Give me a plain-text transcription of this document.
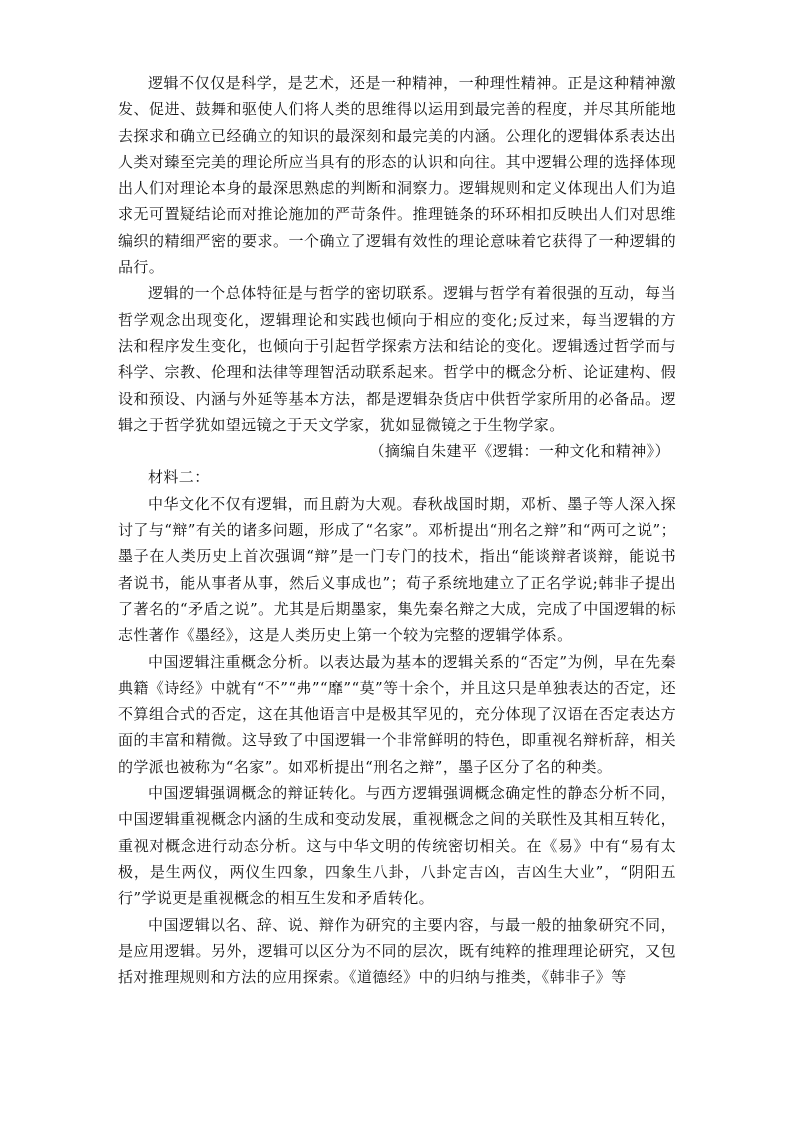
逻辑不仅仅是科学，是艺术，还是一种精神，一种理性精神。正是这种精神激发、促进、鼓舞和驱使人们将人类的思维得以运用到最完善的程度，并尽其所能地去探求和确立已经确立的知识的最深刻和最完美的内涵。公理化的逻辑体系表达出人类对臻至完美的理论所应当具有的形态的认识和向往。其中逻辑公理的选择体现出人们对理论本身的最深思熟虑的判断和洞察力。逻辑规则和定义体现出人们为追求无可置疑结论而对推论施加的严苛条件。推理链条的环环相扣反映出人们对思维编织的精细严密的要求。一个确立了逻辑有效性的理论意味着它获得了一种逻辑的品行。

逻辑的一个总体特征是与哲学的密切联系。逻辑与哲学有着很强的互动，每当哲学观念出现变化，逻辑理论和实践也倾向于相应的变化;反过来，每当逻辑的方法和程序发生变化，也倾向于引起哲学探索方法和结论的变化。逻辑透过哲学而与科学、宗教、伦理和法律等理智活动联系起来。哲学中的概念分析、论证建构、假设和预设、内涵与外延等基本方法，都是逻辑杂货店中供哲学家所用的必备品。逻辑之于哲学犹如望远镜之于天文学家，犹如显微镜之于生物学家。

（摘编自朱建平《逻辑：一种文化和精神》）

材料二：

中华文化不仅有逻辑，而且蔚为大观。春秋战国时期，邓析、墨子等人深入探讨了与“辩”有关的诸多问题，形成了“名家”。邓析提出“刑名之辩”和“两可之说”；墨子在人类历史上首次强调“辩”是一门专门的技术，指出“能谈辩者谈辩，能说书者说书，能从事者从事，然后义事成也”；荀子系统地建立了正名学说;韩非子提出了著名的“矛盾之说”。尤其是后期墨家，集先秦名辩之大成，完成了中国逻辑的标志性著作《墨经》，这是人类历史上第一个较为完整的逻辑学体系。

中国逻辑注重概念分析。以表达最为基本的逻辑关系的“否定”为例，早在先秦典籍《诗经》中就有“不”“弗”“靡”“莫”等十余个，并且这只是单独表达的否定，还不算组合式的否定，这在其他语言中是极其罕见的，充分体现了汉语在否定表达方面的丰富和精微。这导致了中国逻辑一个非常鲜明的特色，即重视名辩析辞，相关的学派也被称为“名家”。如邓析提出“刑名之辩”，墨子区分了名的种类。

中国逻辑强调概念的辩证转化。与西方逻辑强调概念确定性的静态分析不同，中国逻辑重视概念内涵的生成和变动发展，重视概念之间的关联性及其相互转化，重视对概念进行动态分析。这与中华文明的传统密切相关。在《易》中有“易有太极，是生两仪，两仪生四象，四象生八卦，八卦定吉凶，吉凶生大业”，“阴阳五行”学说更是重视概念的相互生发和矛盾转化。

中国逻辑以名、辞、说、辩作为研究的主要内容，与最一般的抽象研究不同，是应用逻辑。另外，逻辑可以区分为不同的层次，既有纯粹的推理理论研究，又包括对推理规则和方法的应用探索。《道德经》中的归纳与推类，《韩非子》等
